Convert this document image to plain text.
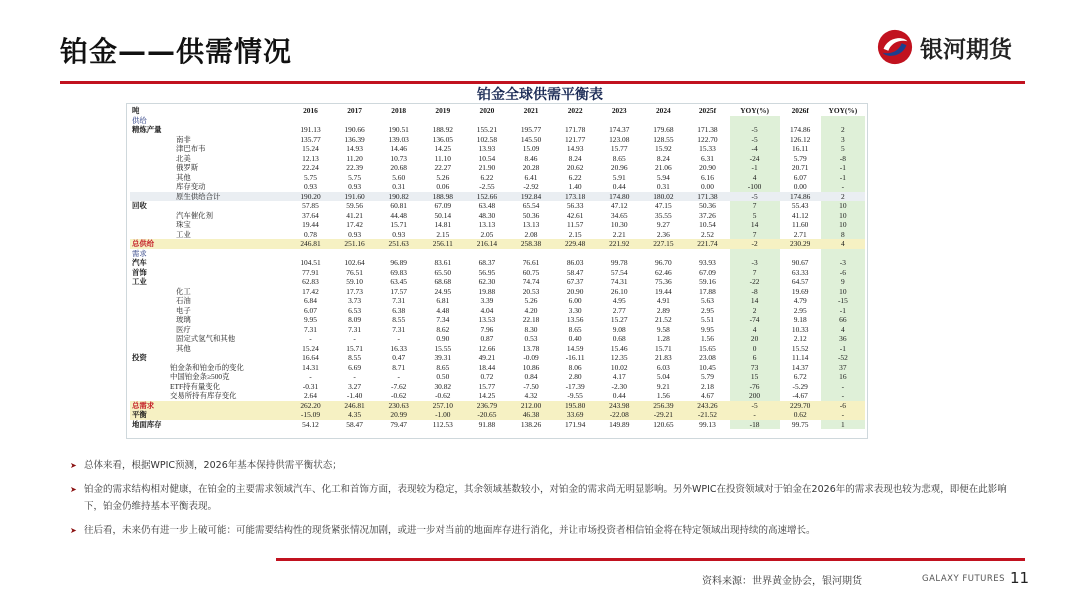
铂金——供需情况	银河期货
铂金全球供需平衡表
吨	2016	2017	2018	2019	2020	2021	2022	2023	2024	2025f	YOY(%)	2026f	YOY(%)
供给													
精炼产量	191.13	190.66	190.51	188.92	155.21	195.77	171.78	174.37	179.68	171.38	-5	174.86	2
南非	135.77	136.39	139.03	136.05	102.58	145.50	121.77	123.08	128.55	122.70	-5	126.12	3
津巴布韦	15.24	14.93	14.46	14.25	13.93	15.09	14.93	15.77	15.92	15.33	-4	16.11	5
北美	12.13	11.20	10.73	11.10	10.54	8.46	8.24	8.65	8.24	6.31	-24	5.79	-8
俄罗斯	22.24	22.39	20.68	22.27	21.90	20.28	20.62	20.96	21.06	20.90	-1	20.71	-1
其他	5.75	5.75	5.60	5.26	6.22	6.41	6.22	5.91	5.94	6.16	4	6.07	-1
库存变动	0.93	0.93	0.31	0.06	-2.55	-2.92	1.40	0.44	0.31	0.00	-100	0.00	-
原生供给合计	190.20	191.60	190.82	188.98	152.66	192.84	173.18	174.80	180.02	171.38	-5	174.86	2
回收	57.85	59.56	60.81	67.09	63.48	65.54	56.33	47.12	47.15	50.36	7	55.43	10
汽车催化剂	37.64	41.21	44.48	50.14	48.30	50.36	42.61	34.65	35.55	37.26	5	41.12	10
珠宝	19.44	17.42	15.71	14.81	13.13	13.13	11.57	10.30	9.27	10.54	14	11.60	10
工业	0.78	0.93	0.93	2.15	2.05	2.08	2.15	2.21	2.36	2.52	7	2.71	8
总供给	246.81	251.16	251.63	256.11	216.14	258.38	229.48	221.92	227.15	221.74	-2	230.29	4
需求													
汽车	104.51	102.64	96.89	83.61	68.37	76.61	86.03	99.78	96.70	93.93	-3	90.67	-3
首饰	77.91	76.51	69.83	65.50	56.95	60.75	58.47	57.54	62.46	67.09	7	63.33	-6
工业	62.83	59.10	63.45	68.68	62.30	74.74	67.37	74.31	75.36	59.16	-22	64.57	9
化工	17.42	17.73	17.57	24.95	19.88	20.53	20.90	26.10	19.44	17.88	-8	19.69	10
石油	6.84	3.73	7.31	6.81	3.39	5.26	6.00	4.95	4.91	5.63	14	4.79	-15
电子	6.07	6.53	6.38	4.48	4.04	4.20	3.30	2.77	2.89	2.95	2	2.95	-1
玻璃	9.95	8.09	8.55	7.34	13.53	22.18	13.56	15.27	21.52	5.51	-74	9.18	66
医疗	7.31	7.31	7.31	8.62	7.96	8.30	8.65	9.08	9.58	9.95	4	10.33	4
固定式氢气和其他	-	-	-	0.90	0.87	0.53	0.40	0.68	1.28	1.56	20	2.12	36
其他	15.24	15.71	16.33	15.55	12.66	13.78	14.59	15.46	15.71	15.65	0	15.52	-1
投资	16.64	8.55	0.47	39.31	49.21	-0.09	-16.11	12.35	21.83	23.08	6	11.14	-52
铂金条和铂金币的变化	14.31	6.69	8.71	8.65	18.44	10.86	8.06	10.02	6.03	10.45	73	14.37	37
中国铂金条≥500克	-	-	-	0.50	0.72	0.84	2.80	4.17	5.04	5.79	15	6.72	16
ETF持有量变化	-0.31	3.27	-7.62	30.82	15.77	-7.50	-17.39	-2.30	9.21	2.18	-76	-5.29	-
交易所持有库存变化	2.64	-1.40	-0.62	-0.62	14.25	4.32	-9.55	0.44	1.56	4.67	200	-4.67	-
总需求	262.20	246.81	230.63	257.10	236.79	212.00	195.80	243.98	256.39	243.26	-5	229.70	-6
平衡	-15.09	4.35	20.99	-1.00	-20.65	46.38	33.69	-22.08	-29.21	-21.52	-	0.62	-
地面库存	54.12	58.47	79.47	112.53	91.88	138.26	171.94	149.89	120.65	99.13	-18	99.75	1
➤ 总体来看，根据WPIC预测，2026年基本保持供需平衡状态；
➤ 铂金的需求结构相对健康，在铂金的主要需求领域汽车、化工和首饰方面，表现较为稳定，其余领域基数较小，对铂金的需求尚无明显影响。另外WPIC在投资领域对于铂金在2026年的需求表现也较为悲观，即便在此影响下，铂金仍维持基本平衡表现。
➤ 往后看，未来仍有进一步上破可能：可能需要结构性的现货紧张情况加剧，或进一步对当前的地面库存进行消化，并让市场投资者相信铂金将在特定领域出现持续的高速增长。
资料来源：世界黄金协会，银河期货	GALAXY FUTURES 11
